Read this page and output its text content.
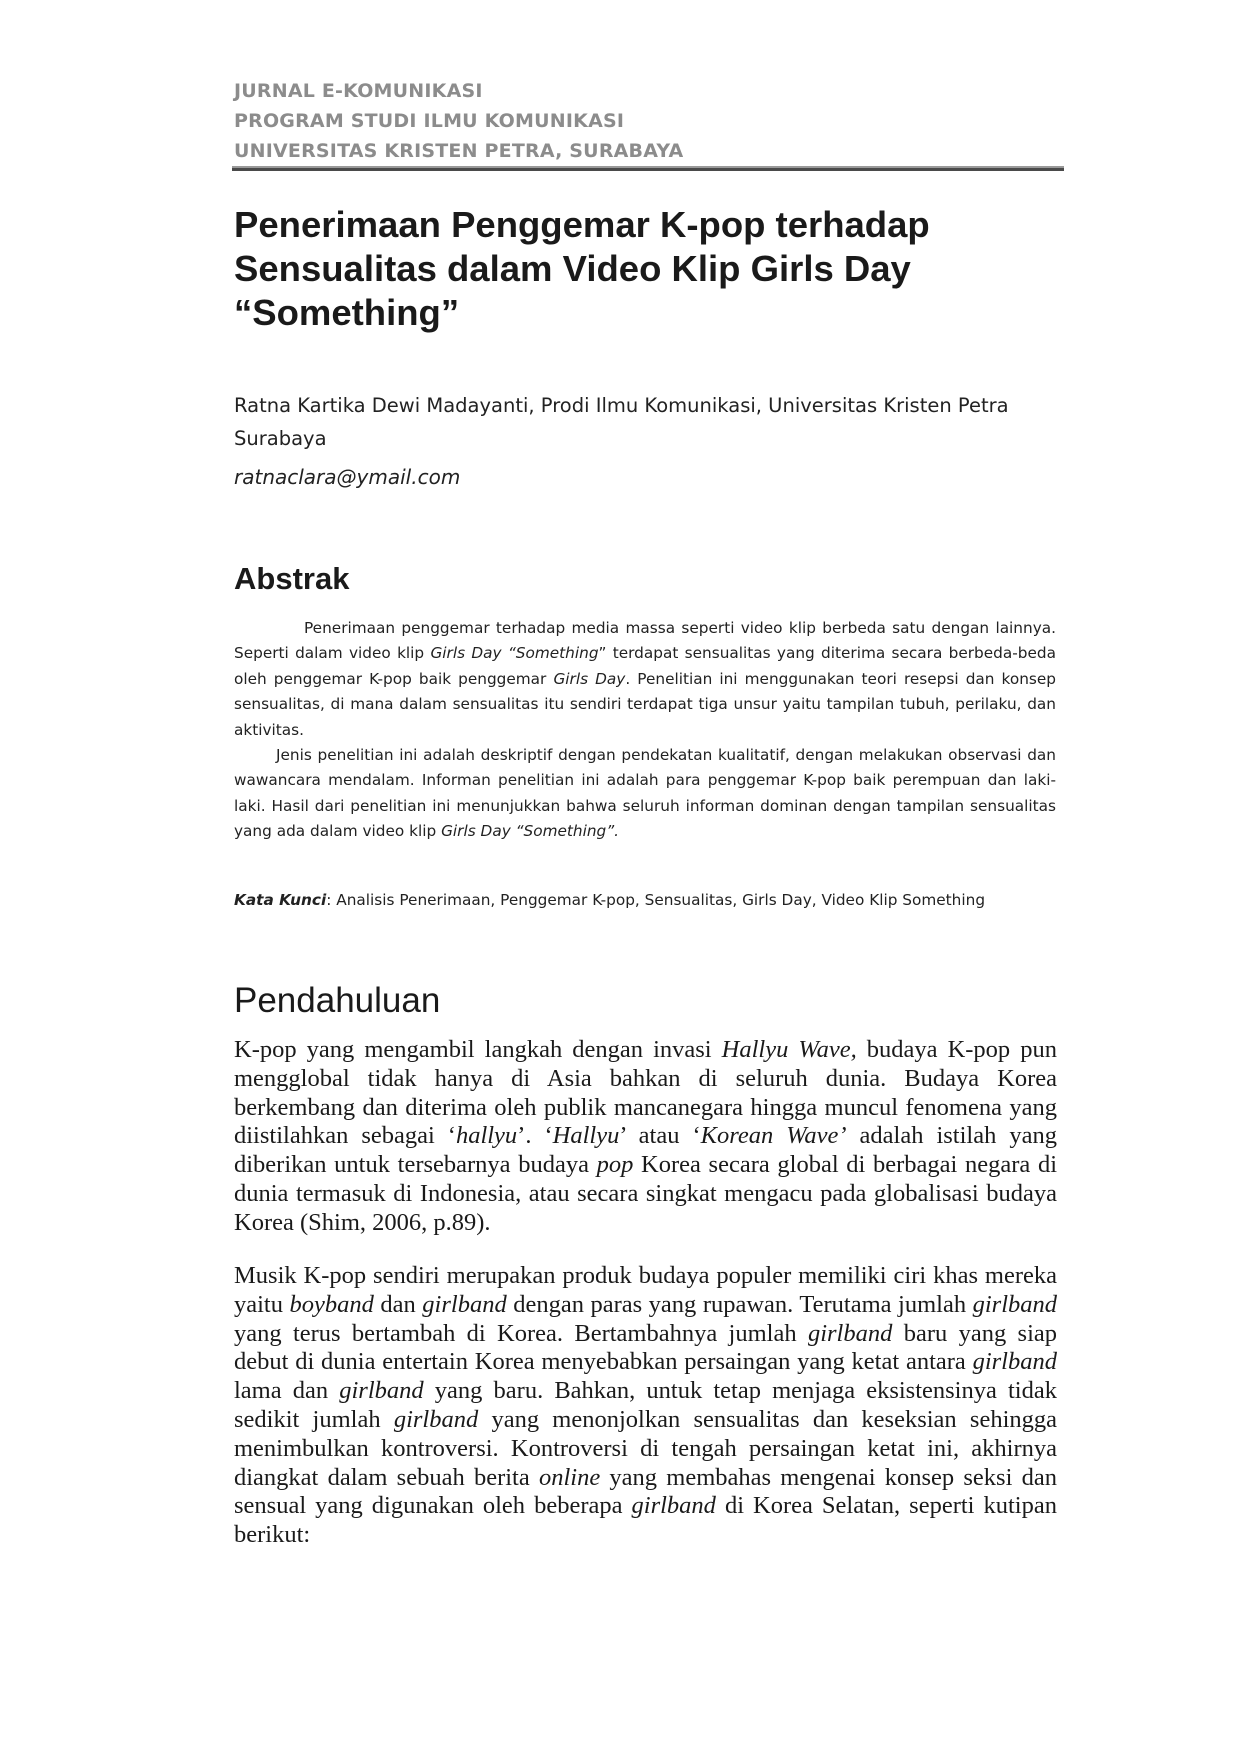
JURNAL E-KOMUNIKASI
PROGRAM STUDI ILMU KOMUNIKASI
UNIVERSITAS KRISTEN PETRA, SURABAYA
Penerimaan Penggemar K-pop terhadap
Sensualitas dalam Video Klip Girls Day
“Something”
Ratna Kartika Dewi Madayanti, Prodi Ilmu Komunikasi, Universitas Kristen Petra
Surabaya
ratnaclara@ymail.com
Abstrak

Penerimaan penggemar terhadap media massa seperti video klip berbeda satu dengan lainnya. Seperti dalam video klip Girls Day “Something” terdapat sensualitas yang diterima secara berbeda-beda oleh penggemar K-pop baik penggemar Girls Day. Penelitian ini menggunakan teori resepsi dan konsep sensualitas, di mana dalam sensualitas itu sendiri terdapat tiga unsur yaitu tampilan tubuh, perilaku, dan aktivitas.

Jenis penelitian ini adalah deskriptif dengan pendekatan kualitatif, dengan melakukan observasi dan wawancara mendalam. Informan penelitian ini adalah para penggemar K-pop baik perempuan dan laki-laki. Hasil dari penelitian ini menunjukkan bahwa seluruh informan dominan dengan tampilan sensualitas yang ada dalam video klip Girls Day “Something”.

Kata Kunci: Analisis Penerimaan, Penggemar K-pop, Sensualitas, Girls Day, Video Klip Something
Pendahuluan

K-pop yang mengambil langkah dengan invasi Hallyu Wave, budaya K-pop pun mengglobal tidak hanya di Asia bahkan di seluruh dunia. Budaya Korea berkembang dan diterima oleh publik mancanegara hingga muncul fenomena yang diistilahkan sebagai ‘hallyu’. ‘Hallyu’ atau ‘Korean Wave’ adalah istilah yang diberikan untuk tersebarnya budaya pop Korea secara global di berbagai negara di dunia termasuk di Indonesia, atau secara singkat mengacu pada globalisasi budaya Korea (Shim, 2006, p.89).

Musik K-pop sendiri merupakan produk budaya populer memiliki ciri khas mereka yaitu boyband dan girlband dengan paras yang rupawan. Terutama jumlah girlband yang terus bertambah di Korea. Bertambahnya jumlah girlband baru yang siap debut di dunia entertain Korea menyebabkan persaingan yang ketat antara girlband lama dan girlband yang baru. Bahkan, untuk tetap menjaga eksistensinya tidak sedikit jumlah girlband yang menonjolkan sensualitas dan keseksian sehingga menimbulkan kontroversi. Kontroversi di tengah persaingan ketat ini, akhirnya diangkat dalam sebuah berita online yang membahas mengenai konsep seksi dan sensual yang digunakan oleh beberapa girlband di Korea Selatan, seperti kutipan berikut:
